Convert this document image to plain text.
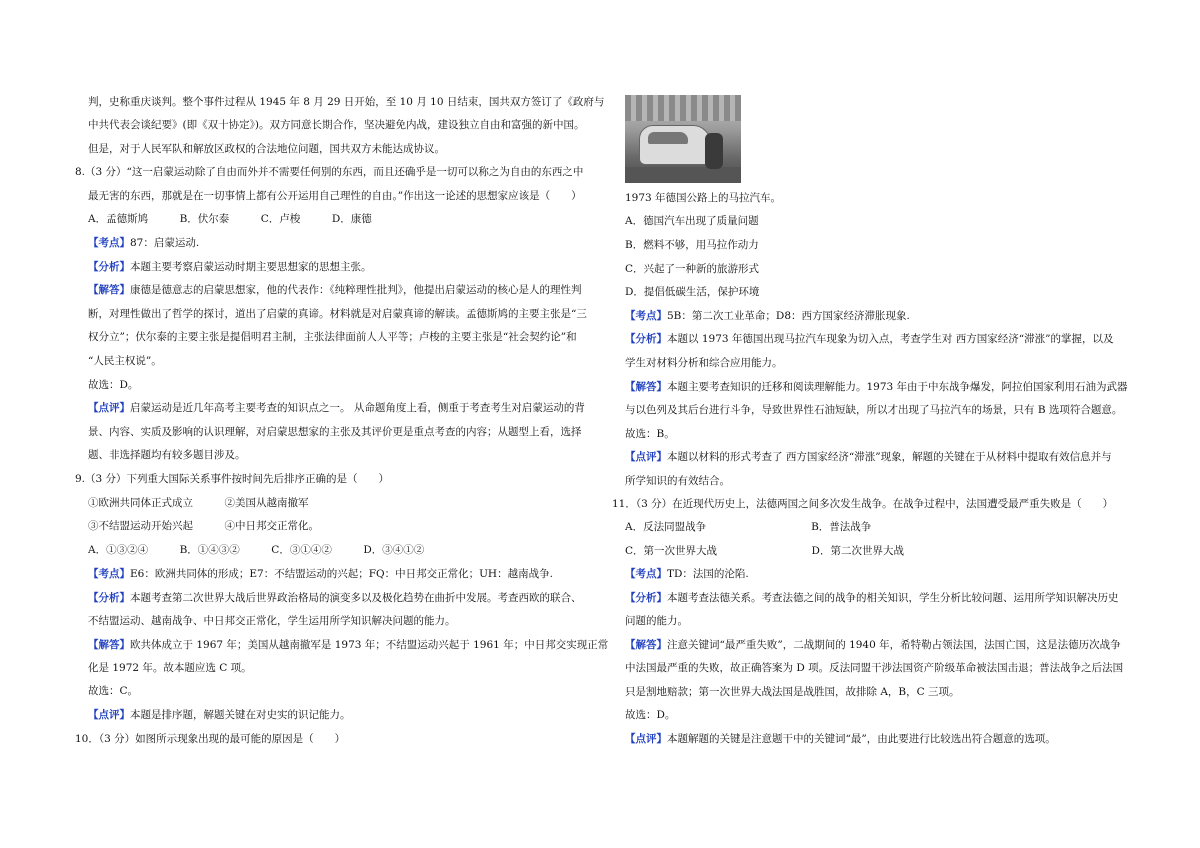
判，史称重庆谈判。整个事件过程从 1945 年 8 月 29 日开始，至 10 月 10 日结束，国共双方签订了《政府与
中共代表会谈纪要》(即《双十协定》)。双方同意长期合作，坚决避免内战，建设独立自由和富强的新中国。
但是，对于人民军队和解放区政权的合法地位问题，国共双方未能达成协议。
8.（3 分）“这一启蒙运动除了自由而外并不需要任何别的东西，而且还确乎是一切可以称之为自由的东西之中
最无害的东西，那就是在一切事情上都有公开运用自己理性的自由。”作出这一论述的思想家应该是（　　）
A．孟德斯鸠　　　B．伏尔泰　　　C．卢梭　　　D．康德
【考点】87：启蒙运动.
【分析】本题主要考察启蒙运动时期主要思想家的思想主张。
【解答】康德是德意志的启蒙思想家，他的代表作：《纯粹理性批判》，他提出启蒙运动的核心是人的理性判
断，对理性做出了哲学的探讨，道出了启蒙的真谛。材料就是对启蒙真谛的解读。孟德斯鸠的主要主张是“三
权分立”；伏尔泰的主要主张是提倡明君主制，主张法律面前人人平等；卢梭的主要主张是“社会契约论”和
“人民主权说”。
故选：D。
【点评】启蒙运动是近几年高考主要考查的知识点之一。 从命题角度上看，侧重于考查考生对启蒙运动的背
景、内容、实质及影响的认识理解，对启蒙思想家的主张及其评价更是重点考查的内容；从题型上看，选择
题、非选择题均有较多题目涉及。
9.（3 分）下列重大国际关系事件按时间先后排序正确的是（　　）
①欧洲共同体正式成立　　　②美国从越南撤军
③不结盟运动开始兴起　　　④中日邦交正常化。
A．①③②④　　　B．①④③②　　　C．③①④②　　　D．③④①②
【考点】E6：欧洲共同体的形成；E7：不结盟运动的兴起；FQ：中日邦交正常化；UH：越南战争.
【分析】本题考查第二次世界大战后世界政治格局的演变多以及极化趋势在曲折中发展。考查西欧的联合、
不结盟运动、越南战争、中日邦交正常化，学生运用所学知识解决问题的能力。
【解答】欧共体成立于 1967 年；美国从越南撤军是 1973 年；不结盟运动兴起于 1961 年；中日邦交实现正常
化是 1972 年。故本题应选 C 项。
故选：C。
【点评】本题是排序题，解题关键在对史实的识记能力。
10．（3 分）如图所示现象出现的最可能的原因是（　　）
1973 年德国公路上的马拉汽车。
A．德国汽车出现了质量问题
B．燃料不够，用马拉作动力
C．兴起了一种新的旅游形式
D．提倡低碳生活，保护环境
【考点】5B：第二次工业革命；D8：西方国家经济滞胀现象.
【分析】本题以 1973 年德国出现马拉汽车现象为切入点，考查学生对 西方国家经济“滞涨”的掌握，以及
学生对材料分析和综合应用能力。
【解答】本题主要考查知识的迁移和阅读理解能力。1973 年由于中东战争爆发，阿拉伯国家利用石油为武器
与以色列及其后台进行斗争，导致世界性石油短缺，所以才出现了马拉汽车的场景，只有 B 选项符合题意。
故选：B。
【点评】本题以材料的形式考查了 西方国家经济“滞涨”现象，解题的关键在于从材料中提取有效信息并与
所学知识的有效结合。
11．（3 分）在近现代历史上，法德两国之间多次发生战争。在战争过程中，法国遭受最严重失败是（　　）
A．反法同盟战争　　　　　　　　　　B．普法战争
C．第一次世界大战　　　　　　　　　D．第二次世界大战
【考点】TD：法国的沦陷.
【分析】本题考查法德关系。考查法德之间的战争的相关知识，学生分析比较问题、运用所学知识解决历史
问题的能力。
【解答】注意关键词“最严重失败”，二战期间的 1940 年，希特勒占领法国，法国亡国，这是法德历次战争
中法国最严重的失败，故正确答案为 D 项。反法同盟干涉法国资产阶级革命被法国击退；普法战争之后法国
只是割地赔款；第一次世界大战法国是战胜国，故排除 A，B，C 三项。
故选：D。
【点评】本题解题的关键是注意题干中的关键词“最”，由此要进行比较选出符合题意的选项。
